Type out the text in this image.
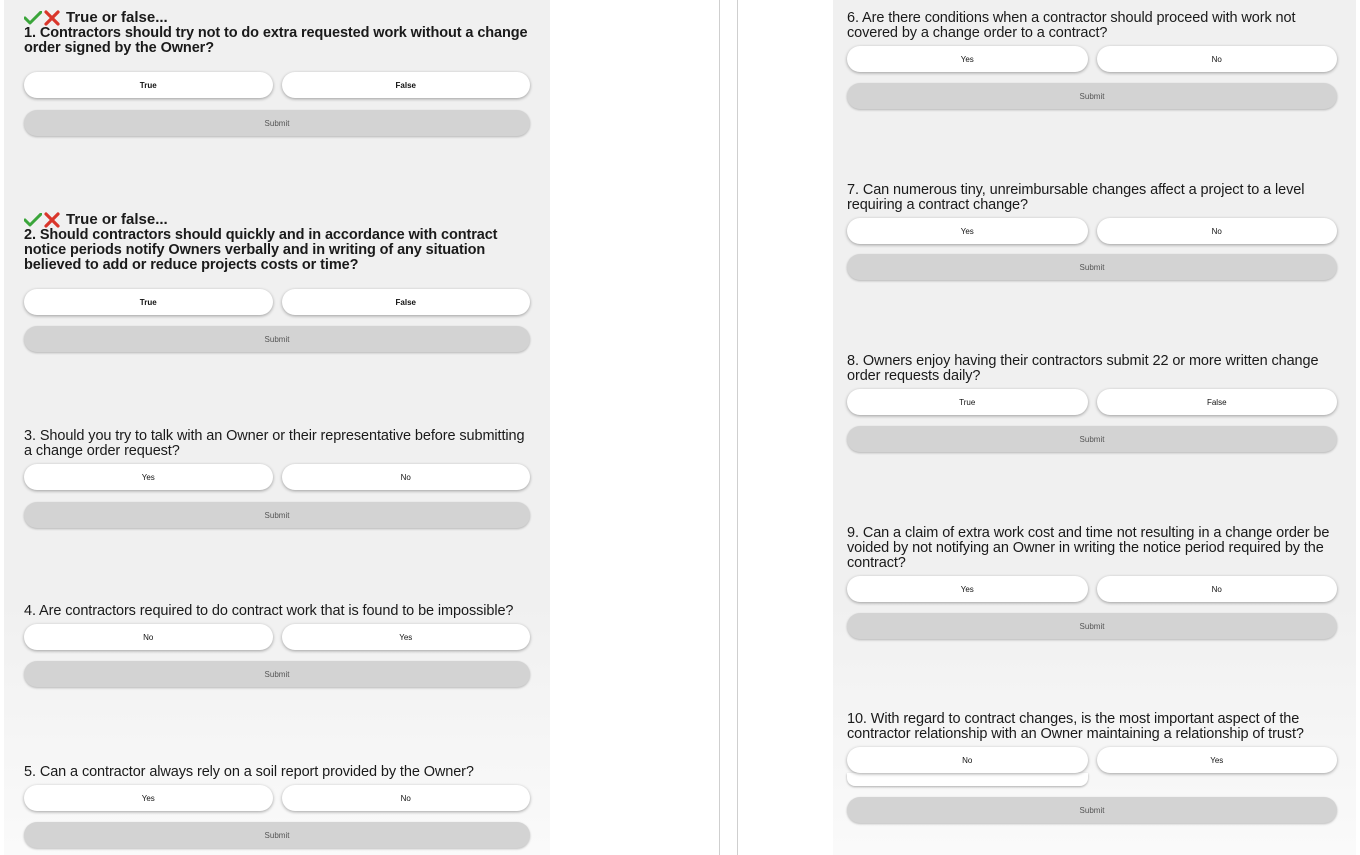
True or false...
1. Contractors should try not to do extra requested work without a change order signed by the Owner?
True	False
Submit
True or false...
2. Should contractors should quickly and in accordance with contract notice periods notify Owners verbally and in writing of any situation believed to add or reduce projects costs or time?
True	False
Submit
3. Should you try to talk with an Owner or their representative before submitting a change order request?
Yes	No
Submit
4. Are contractors required to do contract work that is found to be impossible?
No	Yes
Submit
5. Can a contractor always rely on a soil report provided by the Owner?
Yes	No
Submit
6. Are there conditions when a contractor should proceed with work not covered by a change order to a contract?
Yes	No
Submit
7. Can numerous tiny, unreimbursable changes affect a project to a level requiring a contract change?
Yes	No
Submit
8. Owners enjoy having their contractors submit 22 or more written change order requests daily?
True	False
Submit
9. Can a claim of extra work cost and time not resulting in a change order be voided by not notifying an Owner in writing the notice period required by the contract?
Yes	No
Submit
10. With regard to contract changes, is the most important aspect of the contractor relationship with an Owner maintaining a relationship of trust?
No	Yes
Submit
